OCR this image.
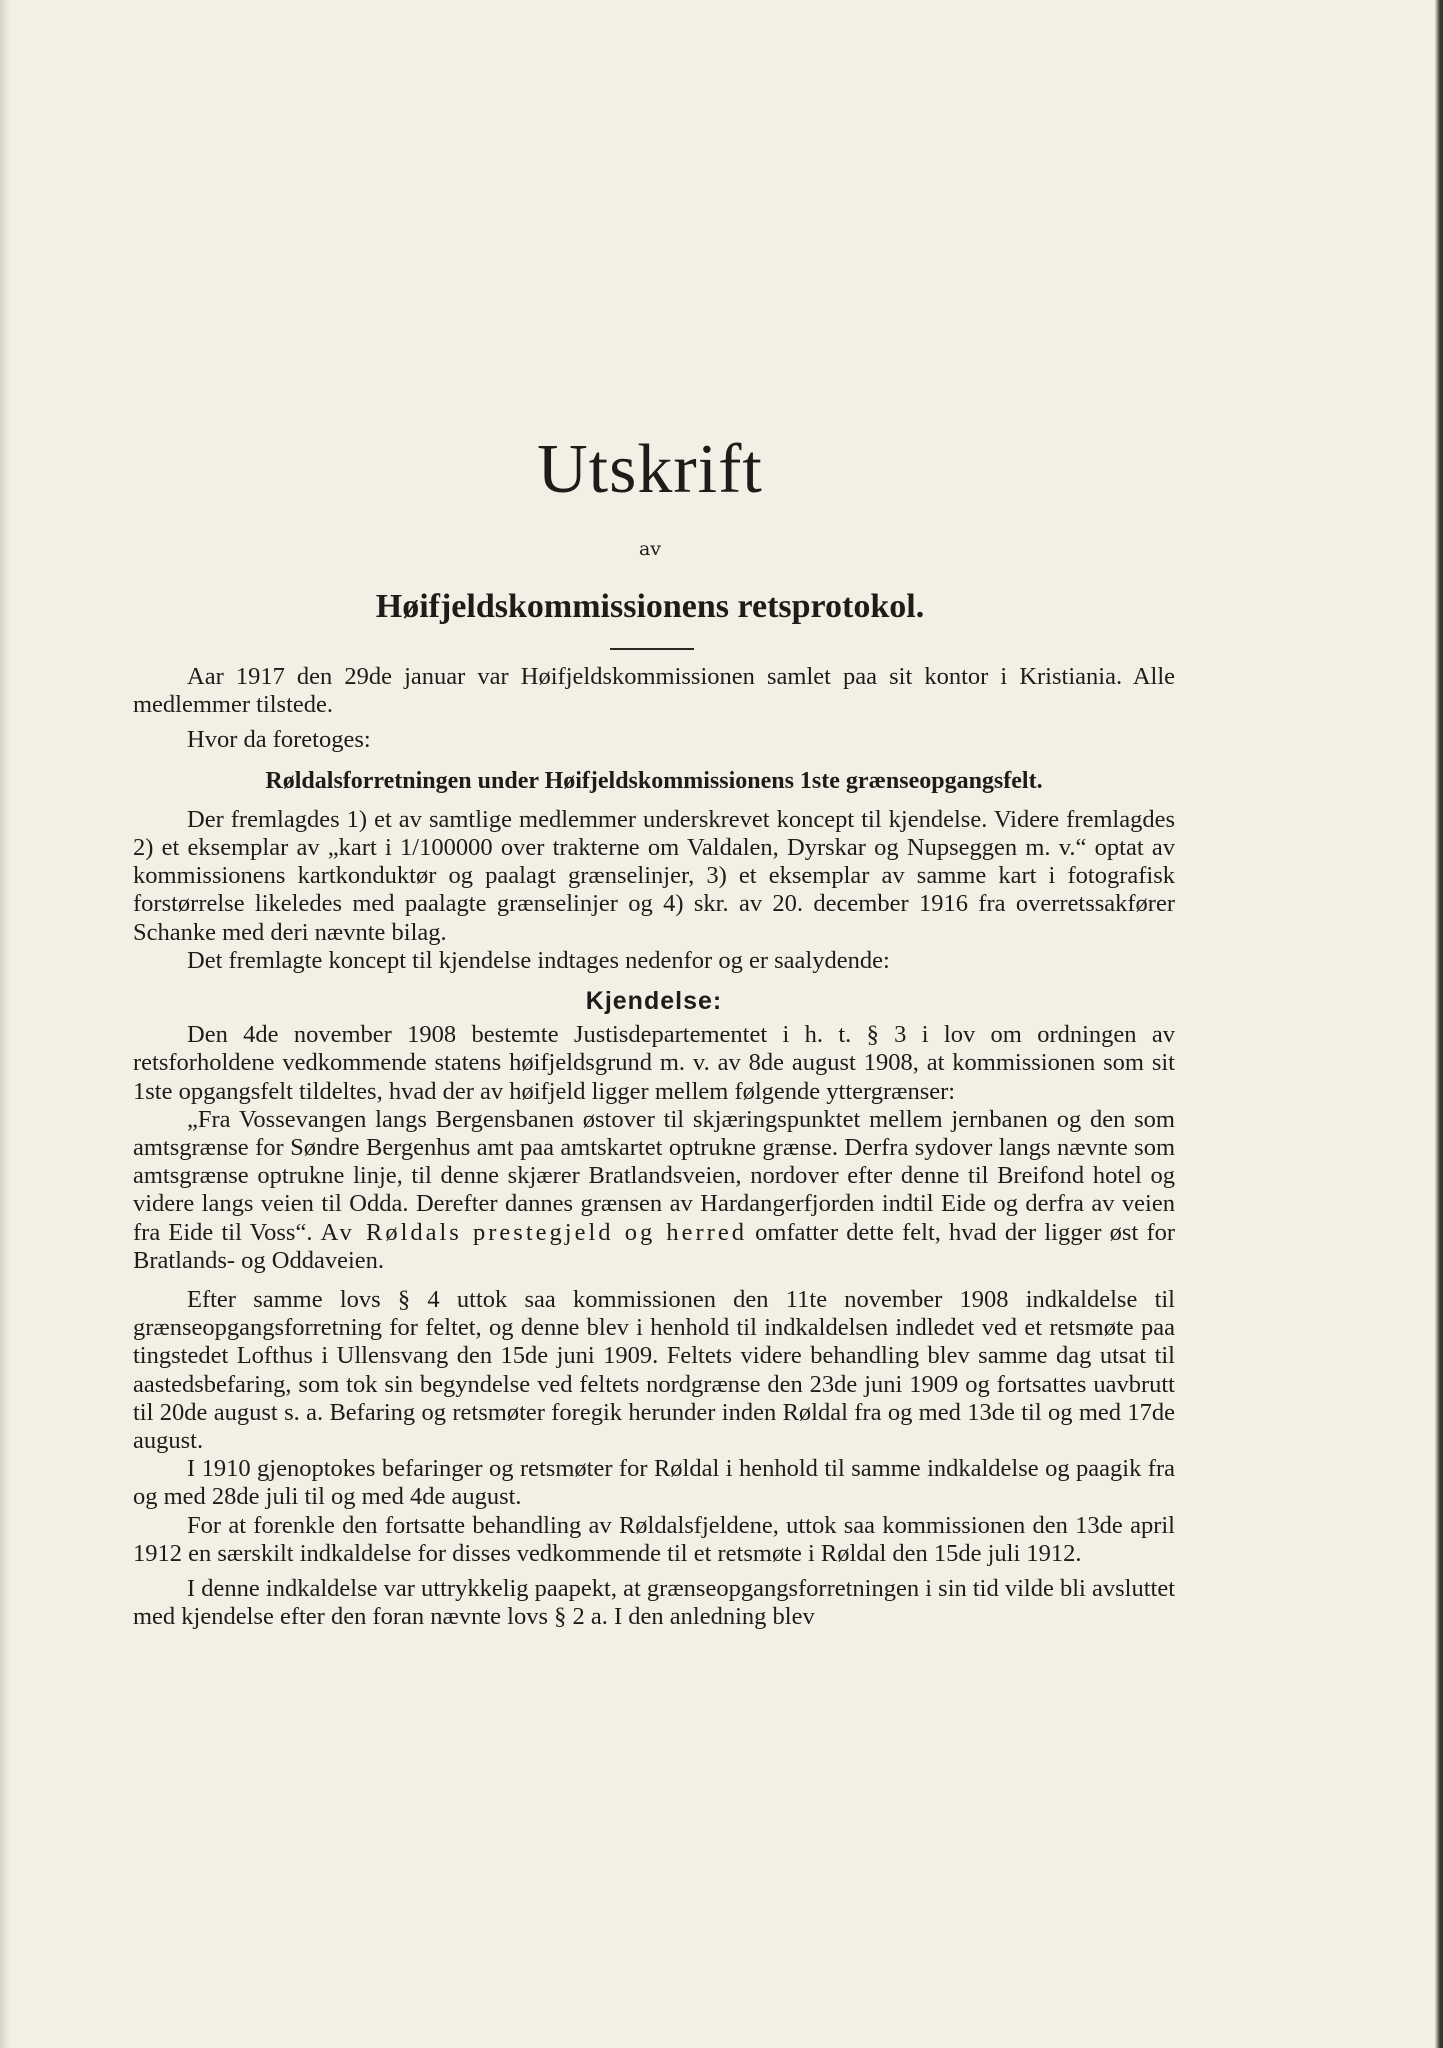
Utskrift
av
Høifjeldskommissionens retsprotokol.

Aar 1917 den 29de januar var Høifjeldskommissionen samlet paa sit kontor i Kristiania. Alle medlemmer tilstede.

Hvor da foretoges:

Røldalsforretningen under Høifjeldskommissionens 1ste grænseopgangsfelt.

Der fremlagdes 1) et av samtlige medlemmer underskrevet koncept til kjendelse. Videre fremlagdes 2) et eksemplar av „kart i 1/100000 over trakterne om Valdalen, Dyrskar og Nupseggen m. v.“ optat av kommissionens kartkonduktør og paalagt grænselinjer, 3) et eksemplar av samme kart i fotografisk forstørrelse likeledes med paalagte grænselinjer og 4) skr. av 20. december 1916 fra overretssakfører Schanke med deri nævnte bilag.

Det fremlagte koncept til kjendelse indtages nedenfor og er saalydende:

Kjendelse:

Den 4de november 1908 bestemte Justisdepartementet i h. t. § 3 i lov om ordningen av retsforholdene vedkommende statens høifjeldsgrund m. v. av 8de august 1908, at kommissionen som sit 1ste opgangsfelt tildeltes, hvad der av høifjeld ligger mellem følgende yttergrænser:

„Fra Vossevangen langs Bergensbanen østover til skjæringspunktet mellem jernbanen og den som amtsgrænse for Søndre Bergenhus amt paa amtskartet optrukne grænse. Derfra sydover langs nævnte som amtsgrænse optrukne linje, til denne skjærer Bratlandsveien, nordover efter denne til Breifond hotel og videre langs veien til Odda. Derefter dannes grænsen av Hardangerfjorden indtil Eide og derfra av veien fra Eide til Voss“. Av Røldals prestegjeld og herred omfatter dette felt, hvad der ligger øst for Bratlands- og Oddaveien.

Efter samme lovs § 4 uttok saa kommissionen den 11te november 1908 indkaldelse til grænseopgangsforretning for feltet, og denne blev i henhold til indkaldelsen indledet ved et retsmøte paa tingstedet Lofthus i Ullensvang den 15de juni 1909. Feltets videre behandling blev samme dag utsat til aastedsbefaring, som tok sin begyndelse ved feltets nordgrænse den 23de juni 1909 og fortsattes uavbrutt til 20de august s. a. Befaring og retsmøter foregik herunder inden Røldal fra og med 13de til og med 17de august.

I 1910 gjenoptokes befaringer og retsmøter for Røldal i henhold til samme indkaldelse og paagik fra og med 28de juli til og med 4de august.

For at forenkle den fortsatte behandling av Røldalsfjeldene, uttok saa kommissionen den 13de april 1912 en særskilt indkaldelse for disses vedkommende til et retsmøte i Røldal den 15de juli 1912.

I denne indkaldelse var uttrykkelig paapekt, at grænseopgangsforretningen i sin tid vilde bli avsluttet med kjendelse efter den foran nævnte lovs § 2 a. I den anledning blev
